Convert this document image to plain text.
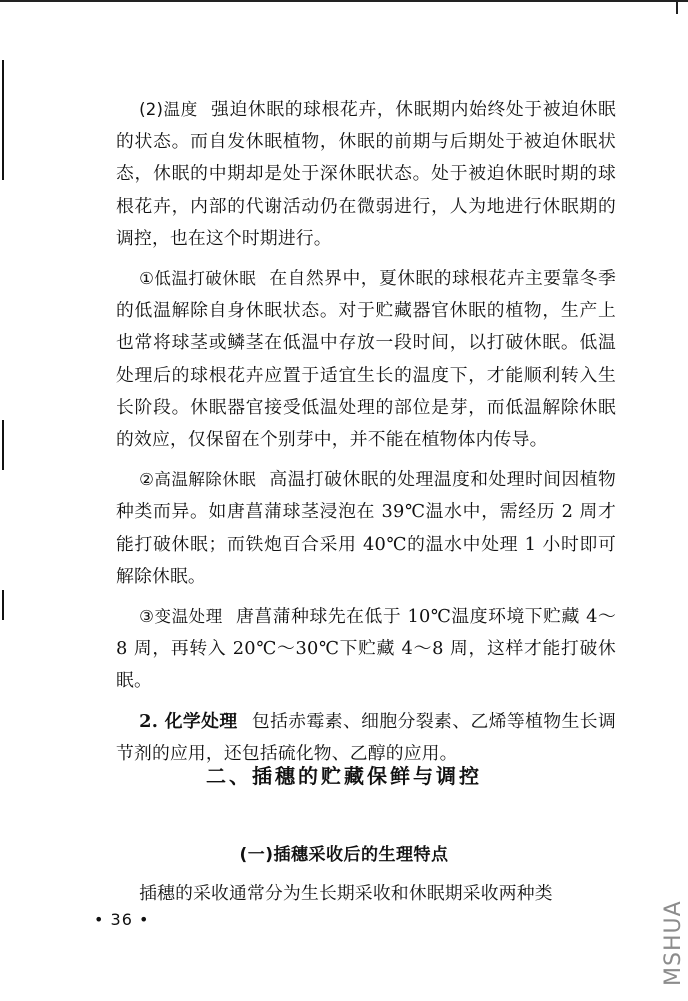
(2)温度 强迫休眠的球根花卉，休眠期内始终处于被迫休眠的状态。而自发休眠植物，休眠的前期与后期处于被迫休眠状态，休眠的中期却是处于深休眠状态。处于被迫休眠时期的球根花卉，内部的代谢活动仍在微弱进行，人为地进行休眠期的调控，也在这个时期进行。

①低温打破休眠 在自然界中，夏休眠的球根花卉主要靠冬季的低温解除自身休眠状态。对于贮藏器官休眠的植物，生产上也常将球茎或鳞茎在低温中存放一段时间，以打破休眠。低温处理后的球根花卉应置于适宜生长的温度下，才能顺利转入生长阶段。休眠器官接受低温处理的部位是芽，而低温解除休眠的效应，仅保留在个别芽中，并不能在植物体内传导。

②高温解除休眠 高温打破休眠的处理温度和处理时间因植物种类而异。如唐菖蒲球茎浸泡在 39℃温水中，需经历 2 周才能打破休眠；而铁炮百合采用 40℃的温水中处理 1 小时即可解除休眠。

③变温处理 唐菖蒲种球先在低于 10℃温度环境下贮藏 4～8 周，再转入 20℃～30℃下贮藏 4～8 周，这样才能打破休眠。

2. 化学处理 包括赤霉素、细胞分裂素、乙烯等植物生长调节剂的应用，还包括硫化物、乙醇的应用。

二、插穗的贮藏保鲜与调控
(一)插穗采收后的生理特点

插穗的采收通常分为生长期采收和休眠期采收两种类

• 36 •	MSHUA
